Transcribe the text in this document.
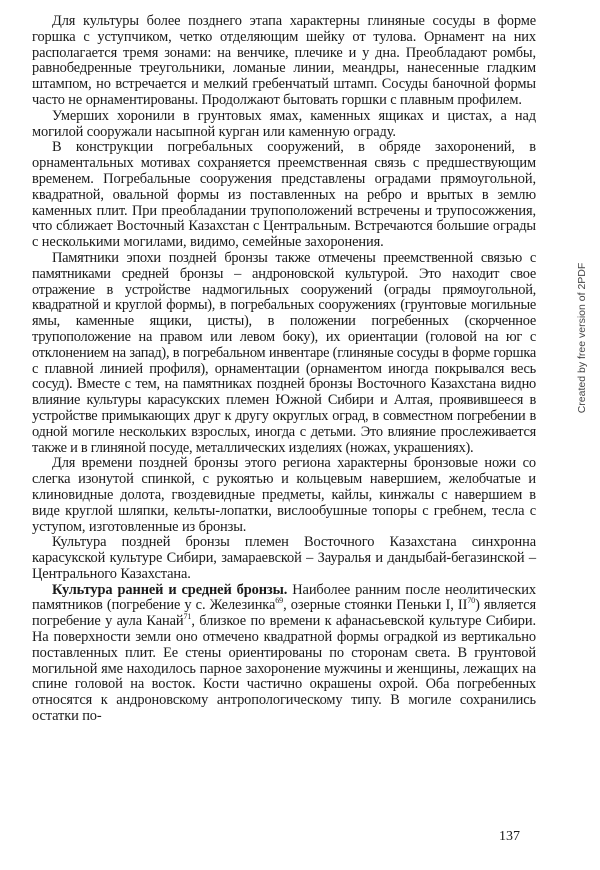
Для культуры более позднего этапа характерны глиняные сосуды в форме горшка с уступчиком, четко отделяющим шейку от тулова. Орнамент на них располагается тремя зонами: на венчике, плечике и у дна. Преобладают ромбы, равнобедренные треугольники, ломаные линии, меандры, нанесенные гладким штампом, но встречается и мелкий гребенчатый штамп. Сосуды баночной формы часто не орнаментированы. Продолжают бытовать горшки с плавным профилем.

Умерших хоронили в грунтовых ямах, каменных ящиках и цистах, а над могилой сооружали насыпной курган или каменную ограду.

В конструкции погребальных сооружений, в обряде захоронений, в орнаментальных мотивах сохраняется преемственная связь с предшествующим временем. Погребальные сооружения представлены оградами прямоугольной, квадратной, овальной формы из поставленных на ребро и врытых в землю каменных плит. При преобладании трупоположений встречены и трупосожжения, что сближает Восточный Казахстан с Центральным. Встречаются большие ограды с несколькими могилами, видимо, семейные захоронения.

Памятники эпохи поздней бронзы также отмечены преемственной связью с памятниками средней бронзы – андроновской культурой. Это находит свое отражение в устройстве надмогильных сооружений (ограды прямоугольной, квадратной и круглой формы), в погребальных сооружениях (грунтовые могильные ямы, каменные ящики, цисты), в положении погребенных (скорченное трупоположение на правом или левом боку), их ориентации (головой на юг с отклонением на запад), в погребальном инвентаре (глиняные сосуды в форме горшка с плавной линией профиля), орнаментации (орнаментом иногда покрывался весь сосуд). Вместе с тем, на памятниках поздней бронзы Восточного Казахстана видно влияние культуры карасукских племен Южной Сибири и Алтая, проявившееся в устройстве примыкающих друг к другу округлых оград, в совместном погребении в одной могиле нескольких взрослых, иногда с детьми. Это влияние прослеживается также и в глиняной посуде, металлических изделиях (ножах, украшениях).

Для времени поздней бронзы этого региона характерны бронзовые ножи со слегка изонутой спинкой, с рукоятью и кольцевым навершием, желобчатые и клиновидные долота, гвоздевидные предметы, кайлы, кинжалы с навершием в виде круглой шляпки, кельты-лопатки, вислообушные топоры с гребнем, тесла с уступом, изготовленные из бронзы.

Культура поздней бронзы племен Восточного Казахстана синхронна карасукской культуре Сибири, замараевской – Зауралья и дандыбай-бегазинской – Центрального Казахстана.

Культура ранней и средней бронзы. Наиболее ранним после неолитических памятников (погребение у с. Железинка$^{69}$, озерные стоянки Пеньки I, II$^{70}$) является погребение у аула Канай$^{71}$, близкое по времени к афанасьевской культуре Сибири. На поверхности земли оно отмечено квадратной формы оградкой из вертикально поставленных плит. Ее стены ориентированы по сторонам света. В грунтовой могильной яме находилось парное захоронение мужчины и женщины, лежащих на спине головой на восток. Кости частично окрашены охрой. Оба погребенных относятся к андроновскому антропологическому типу. В могиле сохранились остатки по-

Created by free version of 2PDF
137
